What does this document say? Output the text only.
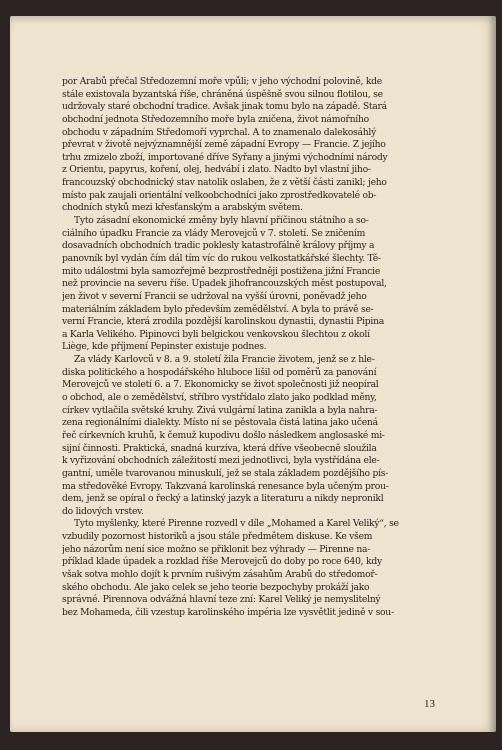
por Arabů přečal Středozemní moře vpůli; v jeho východní polovině, kde
stále existovala byzantská říše, chráněná úspěšně svou silnou flotilou, se
udržovaly staré obchodní tradice. Avšak jinak tomu bylo na západě. Stará
obchodní jednota Středozemního moře byla zničena, život námořního
obchodu v západním Středomoří vyprchal. A to znamenalo dalekosáhlý
převrat v životě nejvýznamnější země západní Evropy — Francie. Z jejího
trhu zmizelo zboží, importované dříve Syřany a jinými východními národy
z Orientu, papyrus, koření, olej, hedvábí i zlato. Nadto byl vlastní jiho-
francouzský obchodnický stav natolik oslaben, že z větší části zanikl; jeho
místo pak zaujali orientální velkoobchodníci jako zprostředkovatelé ob-
chodních styků mezi křesťanským a arabským světem.
Tyto zásadní ekonomické změny byly hlavní příčinou státního a so-
ciálního úpadku Francie za vlády Merovejců v 7. století. Se zničením
dosavadních obchodních tradic poklesly katastrofálně královy příjmy a
panovník byl vydán čím dál tím víc do rukou velkostatkářské šlechty. Tě-
mito událostmi byla samozřejmě bezprostředněji postižena jižní Francie
než provincie na severu říše. Úpadek jihofrancouzských měst postupoval,
jen život v severní Francii se udržoval na vyšší úrovni, poněvadž jeho
materiálním základem bylo především zemědělství. A byla to právě se-
verní Francie, která zrodila pozdější karolinskou dynastii, dynastii Pipina
a Karla Velikého. Pipinovci byli belgickou venkovskou šlechtou z okolí
Liège, kde příjmení Pepinster existuje podnes.
Za vlády Karlovců v 8. a 9. století žila Francie životem, jenž se z hle-
diska politického a hospodářského hluboce lišil od poměrů za panování
Merovejců ve století 6. a 7. Ekonomicky se život společnosti již neopíral
o obchod, ale o zemědělství, stříbro vystřídalo zlato jako podklad měny,
církev vytlačila světské kruhy. Živá vulgární latina zanikla a byla nahra-
zena regionálními dialekty. Místo ní se pěstovala čistá latina jako učená
řeč církevních kruhů, k čemuž kupodivu došlo následkem anglosaské mi-
sijní činnosti. Praktická, snadná kurzíva, která dříve všeobecně sloužila
k vyřizování obchodních záležitostí mezi jednotlivci, byla vystřídána ele-
gantní, uměle tvarovanou minuskulí, jež se stala základem pozdějšího pís-
ma středověké Evropy. Takzvaná karolinská renesance byla učeným prou-
dem, jenž se opíral o řecký a latinský jazyk a literaturu a nikdy nepronikl
do lidových vrstev.
Tyto myšlenky, které Pirenne rozvedl v díle „Mohamed a Karel Veliký“, se
vzbudily pozornost historiků a jsou stále předmětem diskuse. Ke všem
jeho názorům není sice možno se přiklonit bez výhrady — Pirenne na-
příklad klade úpadek a rozklad říše Merovejců do doby po roce 640, kdy
však sotva mohlo dojít k prvním rušivým zásahům Arabů do středomoř-
ského obchodu. Ale jako celek se jeho teorie bezpochyby prokáží jako
správné. Pirennova odvážná hlavní teze zní: Karel Veliký je nemyslitelný
bez Mohameda, čili vzestup karolinského impéria lze vysvětlit jedině v sou-
13
